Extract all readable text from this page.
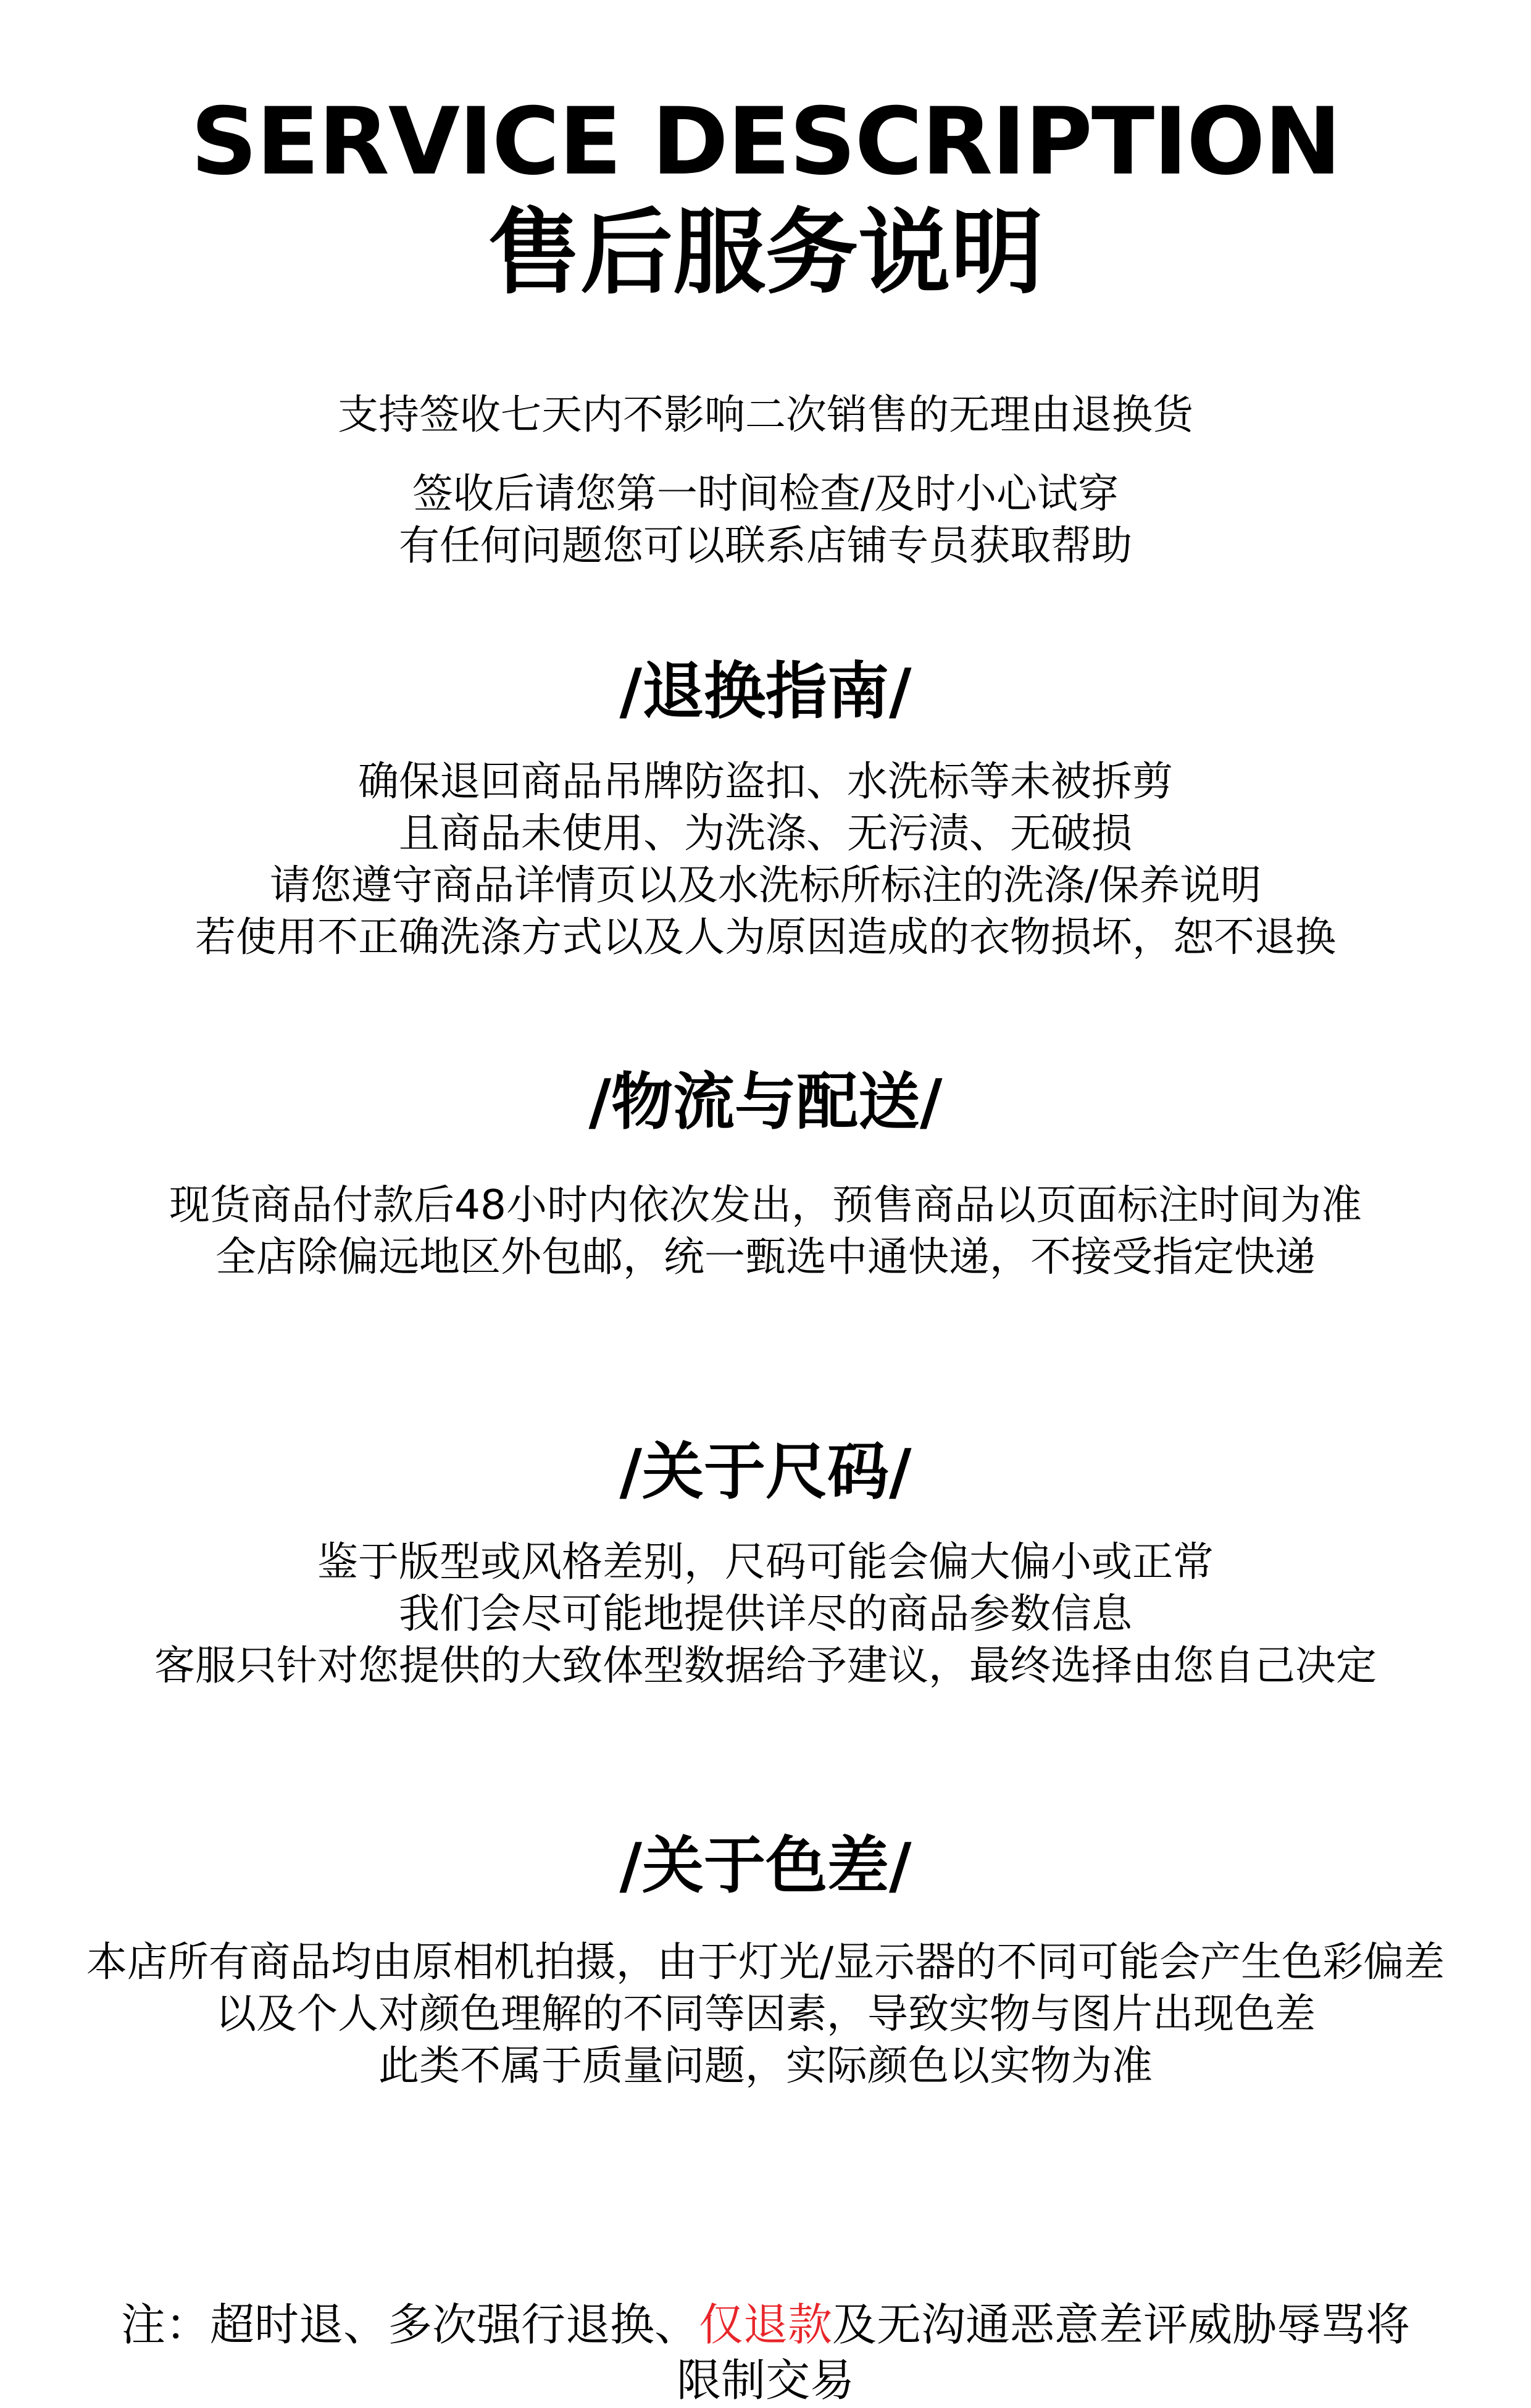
SERVICE DESCRIPTION
售后服务说明
支持签收七天内不影响二次销售的无理由退换货
签收后请您第一时间检查/及时小心试穿
有任何问题您可以联系店铺专员获取帮助
/退换指南/
确保退回商品吊牌防盗扣、水洗标等未被拆剪
且商品未使用、为洗涤、无污渍、无破损
请您遵守商品详情页以及水洗标所标注的洗涤/保养说明
若使用不正确洗涤方式以及人为原因造成的衣物损坏，恕不退换
/物流与配送/
现货商品付款后48小时内依次发出，预售商品以页面标注时间为准
全店除偏远地区外包邮，统一甄选中通快递，不接受指定快递
/关于尺码/
鉴于版型或风格差别，尺码可能会偏大偏小或正常
我们会尽可能地提供详尽的商品参数信息
客服只针对您提供的大致体型数据给予建议，最终选择由您自己决定
/关于色差/
本店所有商品均由原相机拍摄，由于灯光/显示器的不同可能会产生色彩偏差
以及个人对颜色理解的不同等因素，导致实物与图片出现色差
此类不属于质量问题，实际颜色以实物为准
注：超时退、多次强行退换、仅退款及无沟通恶意差评威胁辱骂将
限制交易
